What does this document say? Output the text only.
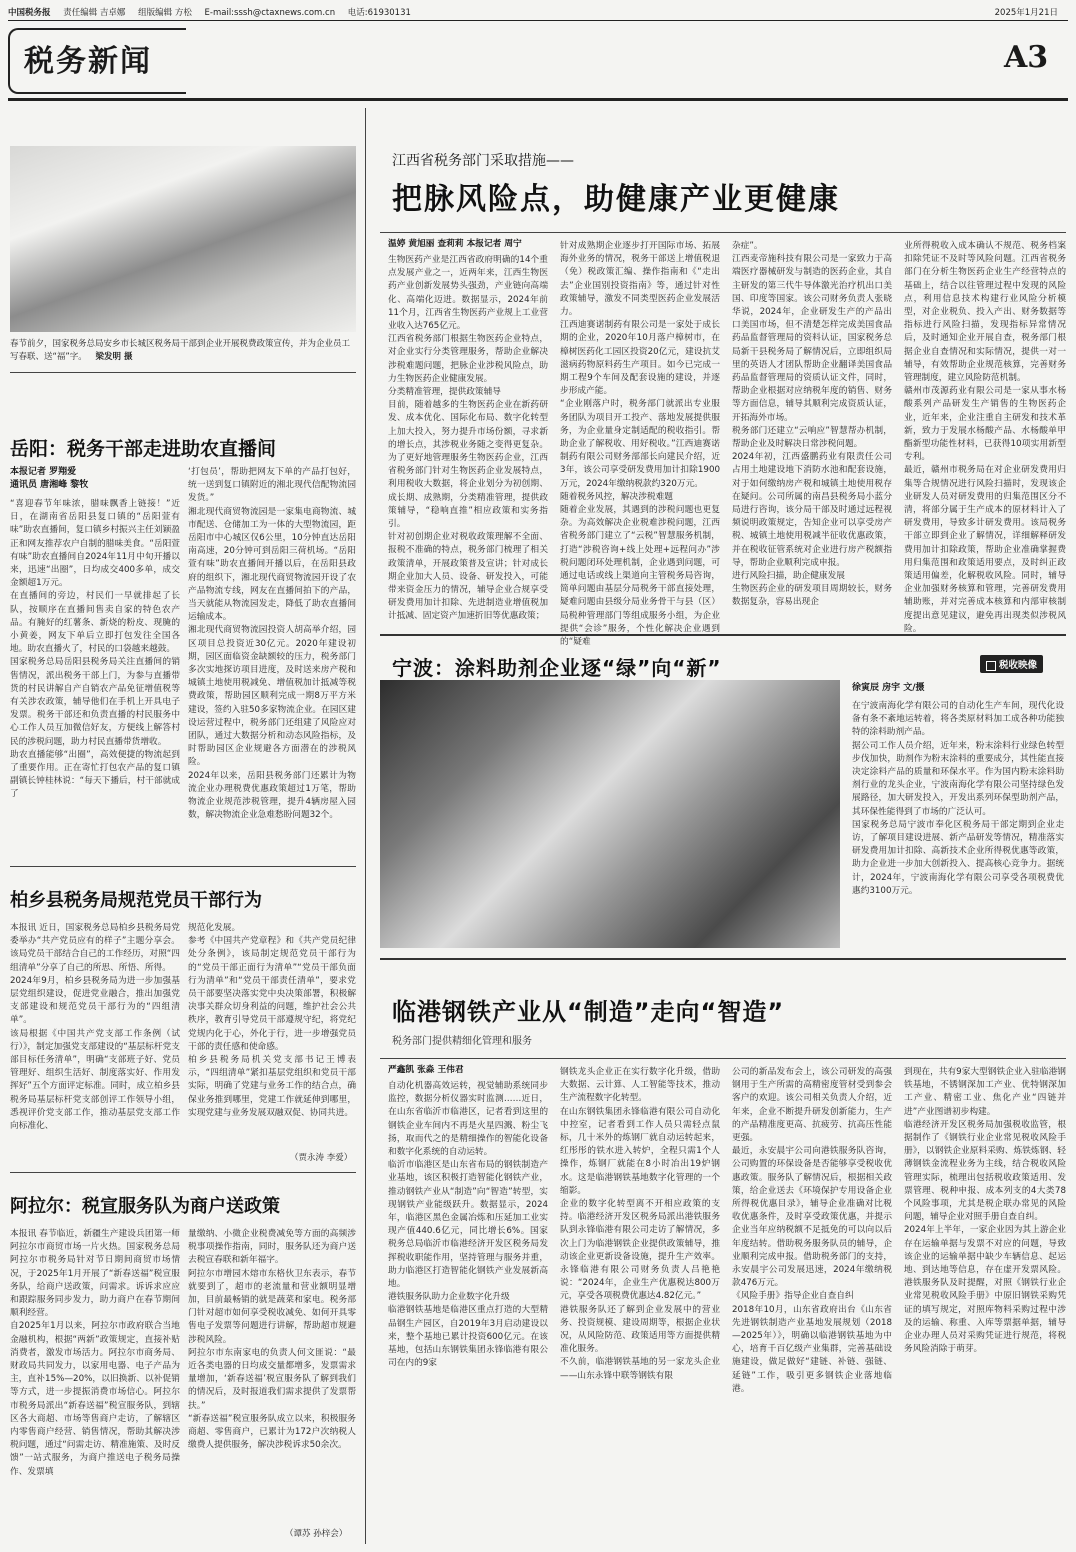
中国税务报 责任编辑 吉卓娜 组版编辑 方松 E-mail:sssh@ctaxnews.com.cn 电话:61930131	2025年1月21日
税务新闻	A3
春节前夕，国家税务总局安乡市长城区税务局干部到企业开展税费政策宣传，并为企业员工写春联、送“福”字。 梁发明 摄
岳阳：税务干部走进助农直播间
本报记者 罗翔爱
通讯员 唐湘峰 黎牧
“喜迎春节年味浓，腊味飘香上链接！”近日，在湖南省岳阳县复口镇的“岳阳萱有味”助农直播间，复口镇乡村振兴主任刘颖盈正和网友推荐农户自制的腊味美食。“岳阳萱有味”助农直播间自2024年11月中旬开播以来，迅速“出圈”，日均成交400多单，成交金额超1万元。
在直播间的旁边，村民们一早就排起了长队，按顺序在直播间售卖自家的特色农产品。有腌好的红薯条、新烧的粉皮、现腌的小黄姜，网友下单后立即打包发往全国各地。助农直播火了，村民的口袋越来越鼓。
国家税务总局岳阳县税务局关注直播间的销售情况，派出税务干部上门，为参与直播带货的村民讲解自产自销农产品免征增值税等有关涉农政策，辅导他们在手机上开具电子发票。税务干部还和负责直播的村民服务中心工作人员互加微信好友，方便线上解答村民的涉税问题，助力村民直播带货增收。
助农直播能够“出圈”，高效便捷的物流起到了重要作用。正在寄忙打包农产品的复口镇副镇长钟桂林说：“每天下播后，村干部就成了
‘打包员’，帮助把网友下单的产品打包好，统一送到复口镇附近的湘北现代信配物流园发货。”
湘北现代商贸物流园是一家集电商物流、城市配送、仓储加工为一体的大型物流园，距岳阳市中心城区仅6公里，10分钟直达岳阳南高速，20分钟可到岳阳三荷机场。“岳阳萱有味”助农直播间开播以后，在岳阳县政府的组织下，湘北现代商贸物流园开设了农产品物流专线，网友在直播间拍下的产品，当天就能从物流园发走，降低了助农直播间运输成本。
湘北现代商贸物流园投资人胡高举介绍，园区项目总投资近30亿元。2020年建设初期，园区面临资金缺额较的压力，税务部门多次实地探访项目进度，及时送来房产税和城镇土地使用税减免、增值税加计抵减等税费政策，帮助园区顺利完成一期8万平方米建设，签约入驻50多家物流企业。在园区建设运营过程中，税务部门还组建了风险应对团队，通过大数据分析和动态风险指标，及时帮助园区企业规避各方面潜在的涉税风险。
2024年以来，岳阳县税务部门还累计为物流企业办理税费优惠政策超过1万笔，帮助物流企业规范涉税管理，提升4辆房屋入园数，解决物流企业急难愁盼问题32个。
柏乡县税务局规范党员干部行为
本报讯 近日，国家税务总局柏乡县税务局党委举办“共产党员应有的样子”主题分享会。该局党员干部结合自己的工作经历，对照“四组清单”分享了自己的所思、所悟、所得。
2024年9月，柏乡县税务局为进一步加强基层党组织建设，促进党业融合，推出加强党支部建设和规范党员干部行为的“四组清单”。
该局根据《中国共产党支部工作条例（试行）》，制定加强党支部建设的“基层标杆党支部目标任务清单”，明确“支部班子好、党员管理好、组织生活好、制度落实好、作用发挥好”五个方面评定标准。同时，成立柏乡县税务局基层标杆党支部创评工作领导小组，悉视评价党支部工作，推动基层党支部工作向标准化、
规范化发展。
参考《中国共产党章程》和《共产党员纪律处分条例》，该局制定规范党员干部行为的“党员干部正面行为清单”“党员干部负面行为清单”和“党员干部责任清单”，要求党员干部要坚决落实党中央决策部署，积极解决事关群众切身利益的问题，维护社会公共秩序，教育引导党员干部遵规守纪，将党纪党规内化于心，外化于行，进一步增强党员干部的责任感和使命感。
柏乡县税务局机关党支部书记王博表示，“四组清单”紧扣基层党组织和党员干部实际，明确了党建与业务工作的结合点，确保业务推到哪里，党建工作就延伸到哪里，实现党建与业务发展双融双促、协同共进。
（贾永涛 李爱）
阿拉尔：税宣服务队为商户送政策
本报讯 春节临近，新疆生产建设兵团第一师阿拉尔市商贸市场一片火热。国家税务总局阿拉尔市税务局针对节日期间商贸市场情况，于2025年1月开展了“新春送福”税宣服务队，给商户送政策，问需求。诉诉求应应和跟踪服务同步发力，助力商户在春节期间顺利经营。
自2025年1月以来，阿拉尔市政府联合当地金融机构，根据“两新”政策规定，直接补贴消费者，激发市场活力。阿拉尔市商务局、财政局共同发力，以家用电器、电子产品为主，直补15%—20%，以旧换新、以补促销等方式，进一步提振消费市场信心。阿拉尔市税务局派出“新春送福”税宣服务队，到辖区各大商超、市场等售商户走访，了解辖区内零售商户经营、销售情况，帮助其解决涉税问题，通过“问需走访、精准施策、及时反馈”一站式服务，为商户推送电子税务局操作、发票填
量缴纳、小微企业税费减免等方面的高频涉税事项操作指南，同时，服务队还为商户送去税宣春联和新年福字。
阿拉尔市增园木熔市东格伙卫东表示，春节就要到了，超市的老流量和营业额明显增加，目前最畅销的就是蔬菜和家电。税务部门针对超市如何享受税收减免、如何开具零售电子发票等问题进行讲解，帮助超市规避涉税风险。
阿拉尔市东南家电的负责人何文匪说：“最近各类电器的日均成交量都增多，发票需求量增加，‘新春送福’税宣服务队了解到我们的情况后，及时报道我们需求提供了发票帮扶。”
“新春送福”税宣服务队成立以来，积极服务商超、零售商户，已累计为172户次纳税人缴费人提供服务，解决涉税诉求50余次。
（谭苏 孙梓会）
江西省税务部门采取措施——
把脉风险点，助健康产业更健康
温婷 黄旭丽 查莉莉 本报记者 周宁
生物医药产业是江西省政府明确的14个重点发展产业之一，近两年来，江西生物医药产业创新发展势头强劲，产业链向高端化、高端化迈进。数据显示，2024年前11个月，江西省生物医药产业规上工业营业收入达765亿元。
江西省税务部门根据生物医药企业特点，对企业实行分类管理服务，帮助企业解决涉税难题问题，把脉企业涉税风险点，助力生物医药企业健康发展。
分类精准管理，提供政策辅导
目前，随着越多的生物医药企业在新药研发、成本优化、国际化布局、数字化转型上加大投入，努力提升市场份额，寻求新的增长点，其涉税业务随之变得更复杂。为了更好地管理服务生物医药企业，江西省税务部门针对生物医药企业发展特点，利用税收大数据，将企业划分为初创期、成长期、成熟期，分类精准管理，提供政策辅导，“稳响直推”相应政策和实务指引。
针对初创期企业对税收政策理解不全面、报税不准确的特点，税务部门梳理了相关政策清单，开展政策普及宣讲；针对成长期企业加大人员、设备、研发投入，可能带来资金压力的情况，辅导企业合规享受研发费用加计扣除、先进制造业增值税加计抵减、固定资产加速折旧等优惠政策；
针对成熟期企业逐步打开国际市场、拓展海外业务的情况，税务干部送上增值税退（免）税政策汇编、操作指南和《“走出去”企业国别投资指南》等，通过针对性政策辅导，激发不同类型医药企业发展活力。
江西迪赛诺制药有限公司是一家处于成长期的企业，2020年10月落户樟树市，在樟树医药化工园区投资20亿元，建设抗艾滋病药物原料药生产项目。如今已完成一期工程9个车间及配套设施的建设，并逐步形成产能。
“企业刚落户时，税务部门就派出专业服务团队为项目开工投产、落地发展提供服务，为企业量身定制适配的税收指引。帮助企业了解税收、用好税收。”江西迪赛诺制药有限公司财务部部长向建民介绍，近3年，该公司享受研发费用加计扣除1900万元，2024年缴纳税款约320万元。
随着税务风控，解决涉税难题
随着企业发展，其遇到的涉税问题也更复杂。为高效解决企业税难涉税问题，江西省税务部门建立了“云税”智慧服务机制，打造“涉税咨询+线上处理+远程问办”涉税问题闭环处理机制，企业遇到问题，可通过电话或线上渠道向主管税务局咨询，简单问题由基层分局税务干部直接处理，疑难问题由县级分局业务骨干与县（区）局税种管理部门等组成服务小组，为企业提供“会诊”服务，个性化解决企业遇到的“疑难
杂症”。
江西麦帝施科技有限公司是一家致力于高端医疗器械研发与制造的医药企业，其自主研发的第三代牛导体激光治疗机出口美国、印度等国家。该公司财务负责人张晓华说，2024年，企业研发生产的产品出口美国市场，但不清楚怎样完成美国食品药品监督管理局的资料认证，国家税务总局新干县税务局了解情况后，立即组织局里的英语人才团队帮助企业翻译美国食品药品监督管理局的资质认证文件，同时，帮助企业根据对应纳税年度的销售、财务等方面信息，辅导其顺利完成资质认证，开拓海外市场。
税务部门还建立“云响应”智慧帮办机制，帮助企业及时解决日常涉税问题。
2024年初，江西盛鹏药业有限责任公司占用土地建设地下消防水池和配套设施，对于如何缴纳房产税和城镇土地使用税存在疑问。公司所属的南昌县税务局小蓝分局进行咨询，该分局干部及时通过远程视频说明政策规定，告知企业可以享受房产税、城镇土地使用税减半征收优惠政策，并在税收征管系统对企业进行房产税额指导，帮助企业顺利完成申报。
进行风险扫描，助企健康发展
生物医药企业的研发项目周期较长，财务数据复杂，容易出现企
业所得税收入成本确认不规范、税务档案扣除凭证不及时等风险问题。江西省税务部门在分析生物医药企业生产经营特点的基础上，结合以往管理过程中发现的风险点，利用信息技术构建行业风险分析模型，对企业税负、投入产出、财务数据等指标进行风险扫描，发现指标异常情况后，及时通知企业开展自查，税务部门根据企业自查情况和实际情况，提供一对一辅导，有效帮助企业规范核算，完善财务管理制度，建立风险防范机制。
赣州市茂源药业有限公司是一家从事水杨酸系列产品研发生产销售的生物医药企业，近年来，企业注重自主研发和技术革新，致力于发展水杨酸产品、水杨酸单甲酯新型功能性材料，已获得10项实用新型专利。
最近，赣州市税务局在对企业研发费用归集等合规情况进行风险扫描时，发现该企业研发人员对研发费用的归集范围区分不清，将部分属于生产成本的原材料计入了研发费用，导致多计研发费用。该局税务干部立即到企业了解情况，详细解释研发费用加计扣除政策，帮助企业准确掌握费用归集范围和政策适用要点，及时纠正政策适用偏差，化解税收风险。同时，辅导企业加强财务核算和管理，完善研发费用辅助账，并对完善成本核算和内部审核制度提出意见建议，避免再出现类似涉税风险。
宁波：涂料助剂企业逐“绿”向“新”	税收映像
徐寅辰 房宇 文/摄
在宁波南海化学有限公司的自动化生产车间，现代化设备有条不紊地运转着，将各类原材料加工成各种功能独特的涂料助剂产品。
据公司工作人员介绍，近年来，粉末涂料行业绿色转型步伐加快，助剂作为粉末涂料的重要成分，其性能直接决定涂料产品的质量和环保水平。作为国内粉末涂料助剂行业的龙头企业，宁波南海化学有限公司坚持绿色发展路径，加大研发投入，开发出系列环保型助剂产品，其环保性能得到了市场的广泛认可。
国家税务总局宁波市奉化区税务局干部定期到企业走访，了解项目建设进展、新产品研发等情况，精准落实研发费用加计扣除、高新技术企业所得税优惠等政策，助力企业进一步加大创新投入、提高核心竞争力。据统计，2024年，宁波南海化学有限公司享受各项税费优惠约3100万元。
临港钢铁产业从“制造”走向“智造”
税务部门提供精细化管理和服务
严鑫凯 张淼 王伟君
自动化机器高效运转，视觉辅助系统同步监控，数据分析仪器实时监测……近日，在山东省临沂市临港区，记者看到这里的钢铁企业车间内不再是火星四溅、粉尘飞扬，取而代之的是精细操作的智能化设备和数字化系统的自动运转。
临沂市临港区是山东省布局的钢铁制造产业基地，该区积极打造智能化钢铁产业，推动钢铁产业从“制造”向“智造”转型，实现钢铁产业能级跃升。数据显示，2024年，临港区黑色金属冶炼和压延加工业实现产值440.6亿元，同比增长6%。国家税务总局临沂市临港经济开发区税务局发挥税收职能作用，坚持管理与服务并重，助力临港区打造智能化钢铁产业发展新高地。
港铁服务队助力企业数字化升级
临港钢铁基地是临港区重点打造的大型精品钢生产园区，自2019年3月启动建设以来，整个基地已累计投资600亿元。在该基地，包括山东钢铁集团永锋临港有限公司在内的9家
钢铁龙头企业正在实行数字化升级，借助大数据、云计算、人工智能等技术，推动生产流程数字化转型。
在山东钢铁集团永锋临港有限公司自动化中控室，记者看到工作人员只需轻点鼠标，几十米外的炼钢厂就自动运转起来，红彤彤的铁水进入转炉，全程只需1个人操作，炼钢厂就能在8小时冶出19炉钢水。这是临港钢铁基地数字化管理的一个缩影。
企业的数字化转型离不开相应政策的支持。临港经济开发区税务局派出港铁服务队到永锋临港有限公司走访了解情况，多次上门为临港钢铁企业提供政策辅导，推动该企业更新设备设施，提升生产效率。永锋临港有限公司财务负责人吕艳艳说：“2024年，企业生产优惠税达800万元，享受各项税费优惠达4.82亿元。”
港铁服务队还了解到企业发展中的营业务、投资规模、建设周期等，根据企业状况，从风险防范、政策适用等方面提供精准化服务。
不久前，临港钢铁基地的另一家龙头企业——山东永锋中联等钢铁有限
公司的新品发布会上，该公司研发的高强钢用于生产所需的高精密度管材受到参会客户的欢迎。该公司相关负责人介绍，近年来，企业不断提升研发创新能力，生产的产品精准度更高、抗疲劳、抗高压性能更强。
最近，永安晨宇公司向港铁服务队咨询，公司购置的环保设备是否能够享受税收优惠政策。服务队了解情况后，根据相关政策，给企业送去《环境保护专用设备企业所得税优惠目录》，辅导企业准确对比税收优惠条件，及时享受政策优惠，并提示企业当年应纳税额不足抵免的可以向以后年度结转。借助税务服务队员的辅导，企业顺利完成申报。借助税务部门的支持，永安晨宇公司发展迅速，2024年缴纳税款476万元。
《风险手册》指导企业自查自纠
2018年10月，山东省政府出台《山东省先进钢铁制造产业基地发展规划（2018—2025年）》，明确以临港钢铁基地为中心，培育千百亿级产业集群，完善基础设施建设，做足做好“建链、补链、强链、延链”工作，吸引更多钢铁企业落地临港。
到现在，共有9家大型钢铁企业入驻临港钢铁基地，不锈钢深加工产业、优特钢深加工产业、精密工业、焦化产业“四链并进”产业图谱初步构建。
临港经济开发区税务局加强税收监管，根据制作了《钢铁行业企业常见税收风险手册》，以钢铁企业原料采购、炼铁炼钢、轻薄钢铁金流程业务为主线，结合税收风险管理实际，梳理出包括税收政策适用、发票管理、税种申报、成本列支的4大类78个风险事项，尤其是税企联办常见的风险问题，辅导企业对照手册自查自纠。
2024年上半年，一家企业因为其上游企业存在运输单据与发票不对应的问题，导致该企业的运输单据中缺少车辆信息、起运地、到达地等信息，存在虚开发票风险。港铁服务队及时提醒，对照《钢铁行业企业常见税收风险手册》中原旧钢铁采购凭证的填写规定，对照库物料采购过程中涉及的运输、称重、入库等票据单据，辅导企业办理人员对采购凭证进行规范，将税务风险消除于萌芽。
